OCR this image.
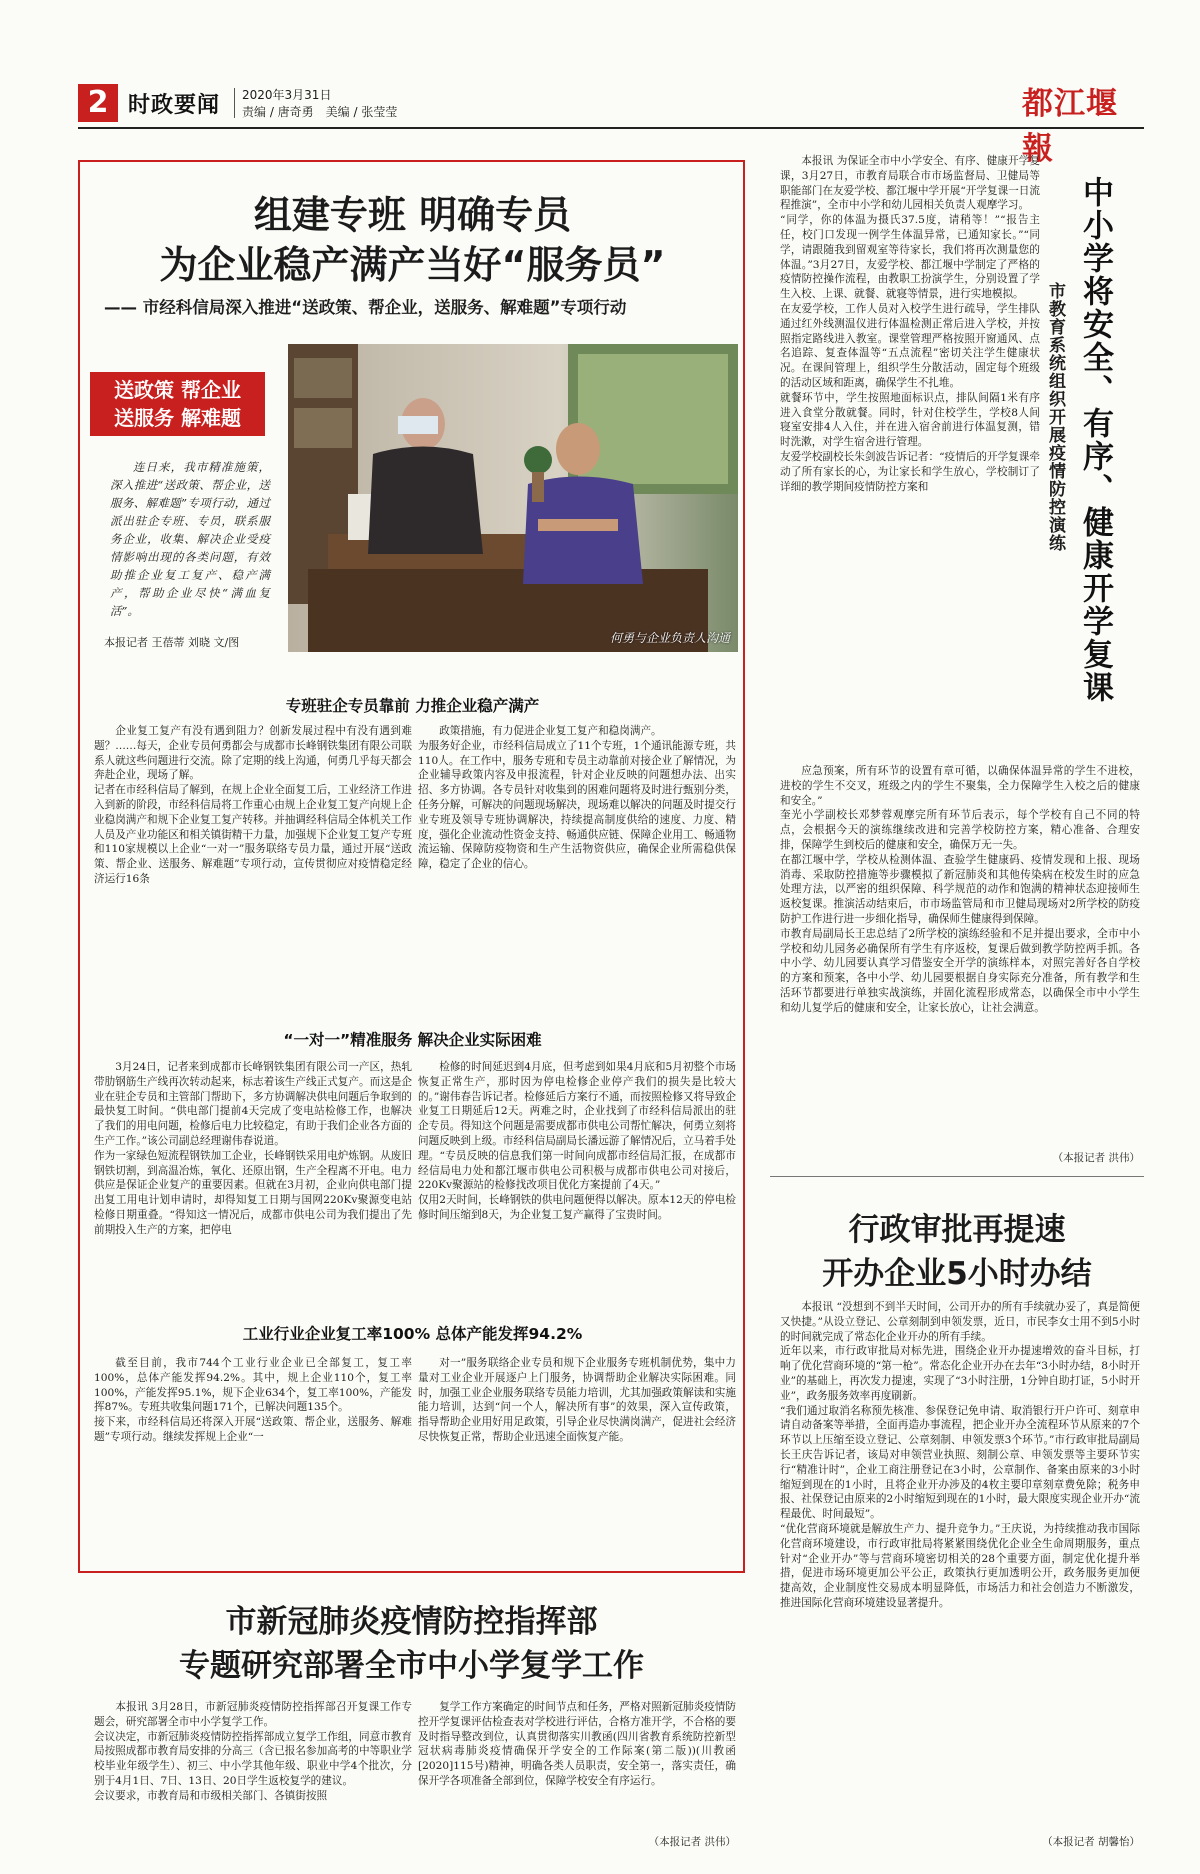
2 时政要闻 2020年3月31日
责编 / 唐奇勇　美编 / 张莹莹	都江堰報
组建专班 明确专员
为企业稳产满产当好“服务员”
—— 市经科信局深入推进“送政策、帮企业，送服务、解难题”专项行动
送政策 帮企业
送服务 解难题
连日来，我市精准施策，深入推进“送政策、帮企业，送服务、解难题”专项行动，通过派出驻企专班、专员，联系服务企业，收集、解决企业受疫情影响出现的各类问题，有效助推企业复工复产、稳产满产，帮助企业尽快“满血复活”。
本报记者 王蓓蒂 刘晓 文/图	何勇与企业负责人沟通
专班驻企专员靠前 力推企业稳产满产
企业复工复产有没有遇到阻力？创新发展过程中有没有遇到难题？……每天，企业专员何勇都会与成都市长峰钢铁集团有限公司联系人就这些问题进行交流。除了定期的线上沟通，何勇几乎每天都会奔赴企业，现场了解。
记者在市经科信局了解到，在规上企业全面复工后，工业经济工作进入到新的阶段，市经科信局将工作重心由规上企业复工复产向规上企业稳岗满产和规下企业复工复产转移。并抽调经科信局全体机关工作人员及产业功能区和相关镇街精干力量，加强规下企业复工复产专班和110家规模以上企业“一对一”服务联络专员力量，通过开展“送政策、帮企业、送服务、解难题”专项行动，宣传贯彻应对疫情稳定经济运行16条
政策措施，有力促进企业复工复产和稳岗满产。
为服务好企业，市经科信局成立了11个专班，1个通讯能源专班，共110人。在工作中，服务专班和专员主动靠前对接企业了解情况，为企业辅导政策内容及申报流程，针对企业反映的问题想办法、出实招、多方协调。各专员针对收集到的困难问题将及时进行甄别分类，任务分解，可解决的问题现场解决，现场难以解决的问题及时提交行业专班及领导专班协调解决，持续提高制度供给的速度、力度、精度，强化企业流动性资金支持、畅通供应链、保障企业用工、畅通物流运输、保障防疫物资和生产生活物资供应，确保企业所需稳供保障，稳定了企业的信心。
“一对一”精准服务 解决企业实际困难
3月24日，记者来到成都市长峰钢铁集团有限公司一产区，热轧带肋钢筋生产线再次转动起来，标志着该生产线正式复产。而这是企业在驻企专员和主管部门帮助下，多方协调解决供电问题后争取到的最快复工时间。“供电部门提前4天完成了变电站检修工作，也解决了我们的用电问题，检修后电力比较稳定，有助于我们企业各方面的生产工作。”该公司副总经理谢伟春说道。
作为一家绿色短流程钢铁加工企业，长峰钢铁采用电炉炼钢。从废旧钢铁切割，到高温冶炼，氧化、还原出钢，生产全程离不开电。电力供应是保证企业复产的重要因素。但就在3月初，企业向供电部门提出复工用电计划申请时，却得知复工日期与国网220Kv聚源变电站检修日期重叠。“得知这一情况后，成都市供电公司为我们提出了先前期投入生产的方案，把停电
检修的时间延迟到4月底，但考虑到如果4月底和5月初整个市场恢复正常生产，那时因为停电检修企业停产我们的损失是比较大的。”谢伟春告诉记者。检修延后方案行不通，而按照检修又将导致企业复工日期延后12天。两难之时，企业找到了市经科信局派出的驻企专员。得知这个问题是需要成都市供电公司帮忙解决，何勇立刻将问题反映到上级。市经科信局副局长潘远游了解情况后，立马着手处理。“专员反映的信息我们第一时间向成都市经信局汇报，在成都市经信局电力处和都江堰市供电公司积极与成都市供电公司对接后，220Kv聚源站的检修找改项目优化方案提前了4天。”
仅用2天时间，长峰钢铁的供电问题便得以解决。原本12天的停电检修时间压缩到8天，为企业复工复产赢得了宝贵时间。
工业行业企业复工率100% 总体产能发挥94.2%
截至目前，我市744个工业行业企业已全部复工，复工率100%，总体产能发挥94.2%。其中，规上企业110个，复工率100%，产能发挥95.1%，规下企业634个，复工率100%，产能发挥87%。专班共收集问题171个，已解决问题135个。
接下来，市经科信局还将深入开展“送政策、帮企业，送服务、解难题”专项行动。继续发挥规上企业“一
对一”服务联络企业专员和规下企业服务专班机制优势，集中力量对工业企业开展逐户上门服务，协调帮助企业解决实际困难。同时，加强工业企业服务联络专员能力培训，尤其加强政策解读和实施能力培训，达到“问一个人，解决所有事”的效果，深入宣传政策，指导帮助企业用好用足政策，引导企业尽快满岗满产，促进社会经济尽快恢复正常，帮助企业迅速全面恢复产能。
市新冠肺炎疫情防控指挥部
专题研究部署全市中小学复学工作
本报讯 3月28日，市新冠肺炎疫情防控指挥部召开复课工作专题会，研究部署全市中小学复学工作。
会议决定，市新冠肺炎疫情防控指挥部成立复学工作组，同意市教育局按照成都市教育局安排的分高三（含已报名参加高考的中等职业学校毕业年级学生）、初三、中小学其他年级、职业中学4个批次，分别于4月1日、7日、13日、20日学生返校复学的建议。
会议要求，市教育局和市级相关部门、各镇街按照
复学工作方案确定的时间节点和任务，严格对照新冠肺炎疫情防控开学复课评估检查表对学校进行评估，合格方准开学，不合格的要及时指导整改到位，认真贯彻落实川教函(四川省教育系统防控新型冠状病毒肺炎疫情确保开学安全的工作际案(第二版))(川教函[2020]115号)精神，明确各类人员职责，安全第一，落实责任，确保开学各项准备全部到位，保障学校安全有序运行。
（本报记者 洪伟）
本报讯 为保证全市中小学安全、有序、健康开学复课，3月27日，市教育局联合市市场监督局、卫健局等职能部门在友爱学校、都江堰中学开展“开学复课一日流程推演”，全市中小学和幼儿园相关负责人观摩学习。
“同学，你的体温为摄氏37.5度，请稍等！”“报告主任，校门口发现一例学生体温异常，已通知家长。”“同学，请跟随我到留观室等待家长，我们将再次测量您的体温。”3月27日，友爱学校、都江堰中学制定了严格的疫情防控操作流程，由教职工扮演学生，分别设置了学生入校、上课、就餐、就寝等情景，进行实地模拟。
在友爱学校，工作人员对入校学生进行疏导，学生排队通过红外线测温仪进行体温检测正常后进入学校，并按照指定路线进入教室。课堂管理严格按照开窗通风、点名追踪、复查体温等“五点流程”密切关注学生健康状况。在课间管理上，组织学生分散活动，固定每个班级的活动区域和距离，确保学生不扎堆。
就餐环节中，学生按照地面标识点，排队间隔1米有序进入食堂分散就餐。同时，针对住校学生，学校8人间寝室安排4人入住，并在进入宿舍前进行体温复测，错时洗漱，对学生宿舍进行管理。
友爱学校副校长朱剑波告诉记者：“疫情后的开学复课牵动了所有家长的心，为让家长和学生放心，学校制订了详细的教学期间疫情防控方案和	中小学将安全、有序、健康开学复课
市教育系统组织开展疫情防控演练
应急预案，所有环节的设置有章可循，以确保体温异常的学生不进校，进校的学生不交叉，班级之内的学生不聚集，全力保障学生入校之后的健康和安全。”
奎光小学副校长邓梦蓉观摩完所有环节后表示，每个学校有自己不同的特点，会根据今天的演练继续改进和完善学校防控方案，精心准备、合理安排，保障学生到校后的健康和安全，确保万无一失。
在都江堰中学，学校从检测体温、查验学生健康码、疫情发现和上报、现场消毒、采取防控措施等步骤模拟了新冠肺炎和其他传染病在校发生时的应急处理方法，以严密的组织保障、科学规范的动作和饱满的精神状态迎接师生返校复课。推演活动结束后，市市场监管局和市卫健局现场对2所学校的防疫防护工作进行进一步细化指导，确保师生健康得到保障。
市教育局副局长王忠总结了2所学校的演练经验和不足并提出要求，全市中小学校和幼儿园务必确保所有学生有序返校，复课后做到教学防控两手抓。各中小学、幼儿园要认真学习借鉴安全开学的演练样本，对照完善好各自学校的方案和预案，各中小学、幼儿园要根据自身实际充分准备，所有教学和生活环节都要进行单独实战演练，并固化流程形成常态，以确保全市中小学生和幼儿复学后的健康和安全，让家长放心，让社会满意。
（本报记者 洪伟）
行政审批再提速
开办企业5小时办结
本报讯 “没想到不到半天时间，公司开办的所有手续就办妥了，真是简便又快捷。”从设立登记、公章刻制到申领发票，近日，市民李女士用不到5小时的时间就完成了常态化企业开办的所有手续。
近年以来，市行政审批局对标先进，围绕企业开办提速增效的奋斗目标，打响了优化营商环境的“第一枪”。常态化企业开办在去年“3小时办结，8小时开业”的基础上，再次发力提速，实现了“3小时注册，1分钟自助打证，5小时开业”，政务服务效率再度刷新。
“我们通过取消名称预先核准、参保登记免申请、取消银行开户许可、刻章申请自动备案等举措，全面再造办事流程，把企业开办全流程环节从原来的7个环节以上压缩至设立登记、公章刻制、申领发票3个环节。”市行政审批局副局长王庆告诉记者，该局对申领营业执照、刻制公章、申领发票等主要环节实行“精准计时”，企业工商注册登记在3小时，公章制作、备案由原来的3小时缩短到现在的1小时，且将企业开办涉及的4枚主要印章刻章费免除；税务申报、社保登记由原来的2小时缩短到现在的1小时，最大限度实现企业开办“流程最优、时间最短”。
“优化营商环境就是解放生产力、提升竞争力。”王庆说，为持续推动我市国际化营商环境建设，市行政审批局将紧紧围绕优化企业全生命周期服务，重点针对“企业开办”等与营商环境密切相关的28个重要方面，制定优化提升举措，促进市场环境更加公平公正，政策执行更加透明公开，政务服务更加便捷高效，企业制度性交易成本明显降低，市场活力和社会创造力不断激发，推进国际化营商环境建设显著提升。
（本报记者 胡馨怡）
